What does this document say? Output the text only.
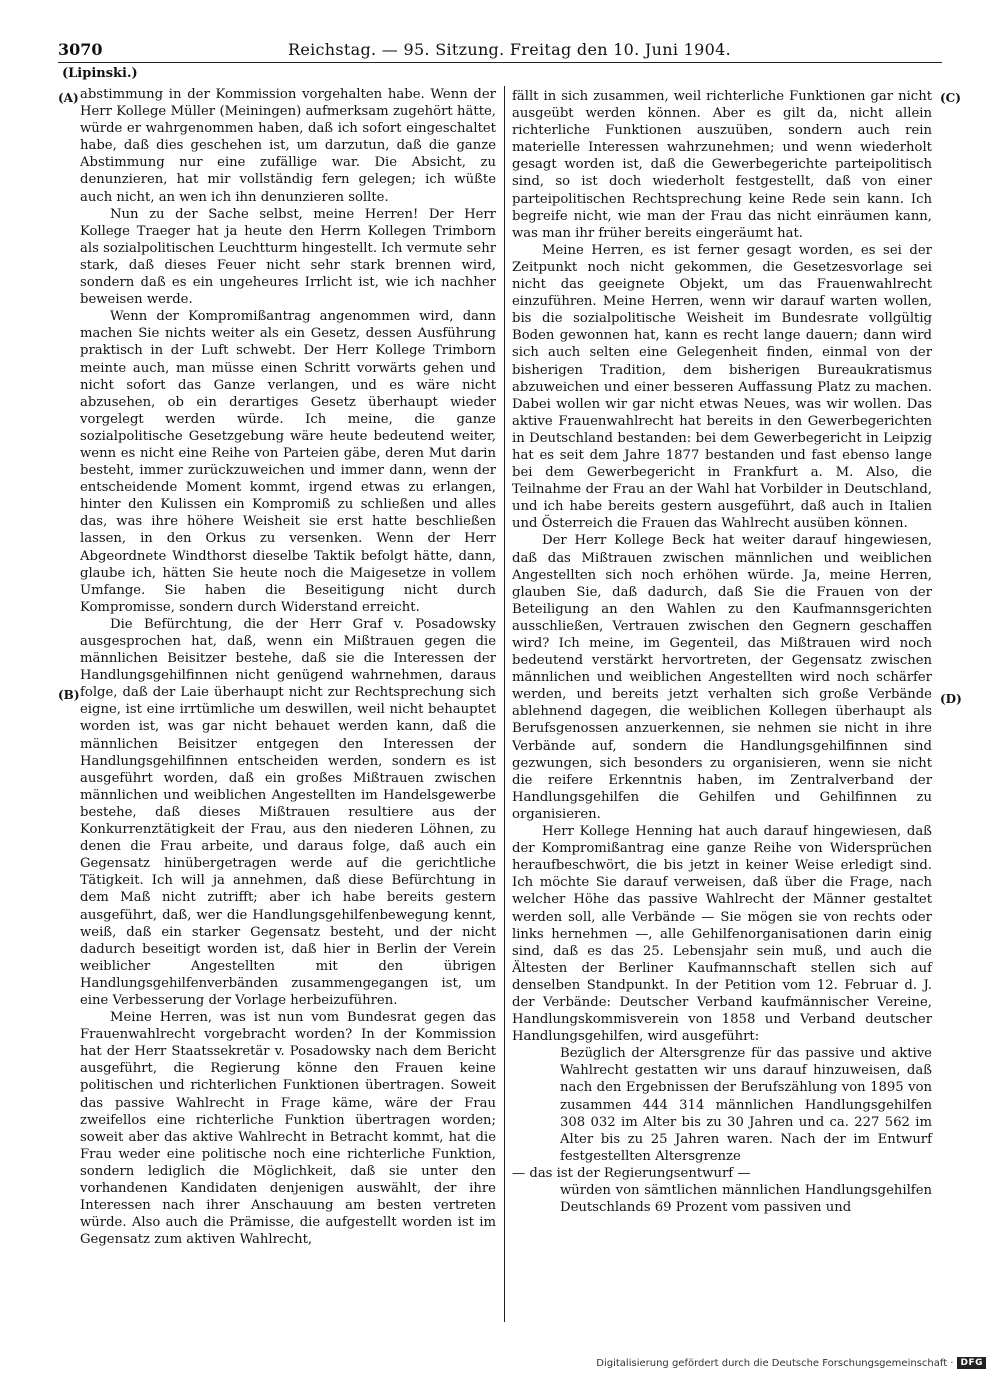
3070	Reichstag. — 95. Sitzung. Freitag den 10. Juni 1904.
(Lipinski.)
(A)
(B)
(C)
(D)

abstimmung in der Kommission vorgehalten habe. Wenn der Herr Kollege Müller (Meiningen) aufmerksam zugehört hätte, würde er wahrgenommen haben, daß ich sofort eingeschaltet habe, daß dies geschehen ist, um darzutun, daß die ganze Abstimmung nur eine zufällige war. Die Absicht, zu denunzieren, hat mir vollständig fern gelegen; ich wüßte auch nicht, an wen ich ihn denunzieren sollte.

Nun zu der Sache selbst, meine Herren! Der Herr Kollege Traeger hat ja heute den Herrn Kollegen Trimborn als sozialpolitischen Leuchtturm hingestellt. Ich vermute sehr stark, daß dieses Feuer nicht sehr stark brennen wird, sondern daß es ein ungeheures Irrlicht ist, wie ich nachher beweisen werde.

Wenn der Kompromißantrag angenommen wird, dann machen Sie nichts weiter als ein Gesetz, dessen Ausführung praktisch in der Luft schwebt. Der Herr Kollege Trimborn meinte auch, man müsse einen Schritt vorwärts gehen und nicht sofort das Ganze verlangen, und es wäre nicht abzusehen, ob ein derartiges Gesetz überhaupt wieder vorgelegt werden würde. Ich meine, die ganze sozialpolitische Gesetzgebung wäre heute bedeutend weiter, wenn es nicht eine Reihe von Parteien gäbe, deren Mut darin besteht, immer zurückzuweichen und immer dann, wenn der entscheidende Moment kommt, irgend etwas zu erlangen, hinter den Kulissen ein Kompromiß zu schließen und alles das, was ihre höhere Weisheit sie erst hatte beschließen lassen, in den Orkus zu versenken. Wenn der Herr Abgeordnete Windthorst dieselbe Taktik befolgt hätte, dann, glaube ich, hätten Sie heute noch die Maigesetze in vollem Umfange. Sie haben die Beseitigung nicht durch Kompromisse, sondern durch Widerstand erreicht.

Die Befürchtung, die der Herr Graf v. Posadowsky ausgesprochen hat, daß, wenn ein Mißtrauen gegen die männlichen Beisitzer bestehe, daß sie die Interessen der Handlungsgehilfinnen nicht genügend wahrnehmen, daraus folge, daß der Laie überhaupt nicht zur Rechtsprechung sich eigne, ist eine irrtümliche um deswillen, weil nicht behauptet worden ist, was gar nicht behauet werden kann, daß die männlichen Beisitzer entgegen den Interessen der Handlungsgehilfinnen entscheiden werden, sondern es ist ausgeführt worden, daß ein großes Mißtrauen zwischen männlichen und weiblichen Angestellten im Handelsgewerbe bestehe, daß dieses Mißtrauen resultiere aus der Konkurrenztätigkeit der Frau, aus den niederen Löhnen, zu denen die Frau arbeite, und daraus folge, daß auch ein Gegensatz hinübergetragen werde auf die gerichtliche Tätigkeit. Ich will ja annehmen, daß diese Befürchtung in dem Maß nicht zutrifft; aber ich habe bereits gestern ausgeführt, daß, wer die Handlungsgehilfenbewegung kennt, weiß, daß ein starker Gegensatz besteht, und der nicht dadurch beseitigt worden ist, daß hier in Berlin der Verein weiblicher Angestellten mit den übrigen Handlungsgehilfenverbänden zusammengegangen ist, um eine Verbesserung der Vorlage herbeizuführen.

Meine Herren, was ist nun vom Bundesrat gegen das Frauenwahlrecht vorgebracht worden? In der Kommission hat der Herr Staatssekretär v. Posadowsky nach dem Bericht ausgeführt, die Regierung könne den Frauen keine politischen und richterlichen Funktionen übertragen. Soweit das passive Wahlrecht in Frage käme, wäre der Frau zweifellos eine richterliche Funktion übertragen worden; soweit aber das aktive Wahlrecht in Betracht kommt, hat die Frau weder eine politische noch eine richterliche Funktion, sondern lediglich die Möglichkeit, daß sie unter den vorhandenen Kandidaten denjenigen auswählt, der ihre Interessen nach ihrer Anschauung am besten vertreten würde. Also auch die Prämisse, die aufgestellt worden ist im Gegensatz zum aktiven Wahlrecht,

fällt in sich zusammen, weil richterliche Funktionen gar nicht ausgeübt werden können. Aber es gilt da, nicht allein richterliche Funktionen auszuüben, sondern auch rein materielle Interessen wahrzunehmen; und wenn wiederholt gesagt worden ist, daß die Gewerbegerichte parteipolitisch sind, so ist doch wiederholt festgestellt, daß von einer parteipolitischen Rechtsprechung keine Rede sein kann. Ich begreife nicht, wie man der Frau das nicht einräumen kann, was man ihr früher bereits eingeräumt hat.

Meine Herren, es ist ferner gesagt worden, es sei der Zeitpunkt noch nicht gekommen, die Gesetzesvorlage sei nicht das geeignete Objekt, um das Frauenwahlrecht einzuführen. Meine Herren, wenn wir darauf warten wollen, bis die sozialpolitische Weisheit im Bundesrate vollgültig Boden gewonnen hat, kann es recht lange dauern; dann wird sich auch selten eine Gelegenheit finden, einmal von der bisherigen Tradition, dem bisherigen Bureaukratismus abzuweichen und einer besseren Auffassung Platz zu machen. Dabei wollen wir gar nicht etwas Neues, was wir wollen. Das aktive Frauenwahlrecht hat bereits in den Gewerbegerichten in Deutschland bestanden: bei dem Gewerbegericht in Leipzig hat es seit dem Jahre 1877 bestanden und fast ebenso lange bei dem Gewerbegericht in Frankfurt a. M. Also, die Teilnahme der Frau an der Wahl hat Vorbilder in Deutschland, und ich habe bereits gestern ausgeführt, daß auch in Italien und Österreich die Frauen das Wahlrecht ausüben können.

Der Herr Kollege Beck hat weiter darauf hingewiesen, daß das Mißtrauen zwischen männlichen und weiblichen Angestellten sich noch erhöhen würde. Ja, meine Herren, glauben Sie, daß dadurch, daß Sie die Frauen von der Beteiligung an den Wahlen zu den Kaufmannsgerichten ausschließen, Vertrauen zwischen den Gegnern geschaffen wird? Ich meine, im Gegenteil, das Mißtrauen wird noch bedeutend verstärkt hervortreten, der Gegensatz zwischen männlichen und weiblichen Angestellten wird noch schärfer werden, und bereits jetzt verhalten sich große Verbände ablehnend dagegen, die weiblichen Kollegen überhaupt als Berufsgenossen anzuerkennen, sie nehmen sie nicht in ihre Verbände auf, sondern die Handlungsgehilfinnen sind gezwungen, sich besonders zu organisieren, wenn sie nicht die reifere Erkenntnis haben, im Zentralverband der Handlungsgehilfen die Gehilfen und Gehilfinnen zu organisieren.

Herr Kollege Henning hat auch darauf hingewiesen, daß der Kompromißantrag eine ganze Reihe von Widersprüchen heraufbeschwört, die bis jetzt in keiner Weise erledigt sind. Ich möchte Sie darauf verweisen, daß über die Frage, nach welcher Höhe das passive Wahlrecht der Männer gestaltet werden soll, alle Verbände — Sie mögen sie von rechts oder links hernehmen —, alle Gehilfenorganisationen darin einig sind, daß es das 25. Lebensjahr sein muß, und auch die Ältesten der Berliner Kaufmannschaft stellen sich auf denselben Standpunkt. In der Petition vom 12. Februar d. J. der Verbände: Deutscher Verband kaufmännischer Vereine, Handlungskommisverein von 1858 und Verband deutscher Handlungsgehilfen, wird ausgeführt:

Bezüglich der Altersgrenze für das passive und aktive Wahlrecht gestatten wir uns darauf hinzuweisen, daß nach den Ergebnissen der Berufszählung von 1895 von zusammen 444 314 männlichen Handlungsgehilfen 308 032 im Alter bis zu 30 Jahren und ca. 227 562 im Alter bis zu 25 Jahren waren. Nach der im Entwurf festgestellten Altersgrenze

— das ist der Regierungsentwurf —

würden von sämtlichen männlichen Handlungsgehilfen Deutschlands 69 Prozent vom passiven und

Digitalisierung gefördert durch die Deutsche Forschungsgemeinschaft · DFG
